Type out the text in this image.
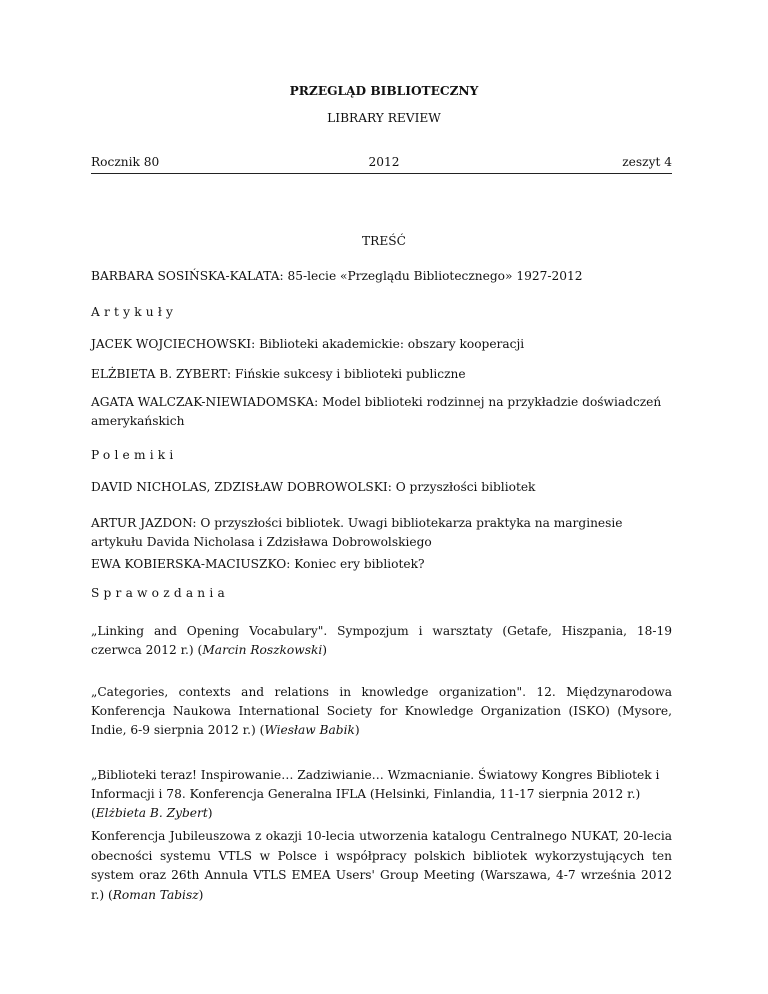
PRZEGLĄD BIBLIOTECZNY

LIBRARY REVIEW

Rocznik 80	2012	zeszyt 4

TREŚĆ

BARBARA SOSIŃSKA-KALATA: 85-lecie «Przeglądu Bibliotecznego» 1927-2012

Artykuły

JACEK WOJCIECHOWSKI: Biblioteki akademickie: obszary kooperacji

ELŻBIETA B. ZYBERT: Fińskie sukcesy i biblioteki publiczne

AGATA WALCZAK-NIEWIADOMSKA: Model biblioteki rodzinnej na przykładzie doświadczeń
amerykańskich

Polemiki

DAVID NICHOLAS, ZDZISŁAW DOBROWOLSKI: O przyszłości bibliotek

ARTUR JAZDON: O przyszłości bibliotek. Uwagi bibliotekarza praktyka na marginesie
artykułu Davida Nicholasa i Zdzisława Dobrowolskiego

EWA KOBIERSKA-MACIUSZKO: Koniec ery bibliotek?

Sprawozdania

„Linking and Opening Vocabulary". Sympozjum i warsztaty (Getafe, Hiszpania, 18-19 czerwca 2012 r.) (Marcin Roszkowski)

„Categories, contexts and relations in knowledge organization". 12. Międzynarodowa Konferencja Naukowa International Society for Knowledge Organization (ISKO) (Mysore, Indie, 6-9 sierpnia 2012 r.) (Wiesław Babik)

„Biblioteki teraz! Inspirowanie… Zadziwianie… Wzmacnianie. Światowy Kongres Bibliotek i Informacji i 78. Konferencja Generalna IFLA (Helsinki, Finlandia, 11-17 sierpnia 2012 r.) (Elżbieta B. Zybert)

Konferencja Jubileuszowa z okazji 10-lecia utworzenia katalogu Centralnego NUKAT, 20-lecia obecności systemu VTLS w Polsce i współpracy polskich bibliotek wykorzystujących ten system oraz 26th Annula VTLS EMEA Users' Group Meeting (Warszawa, 4-7 września 2012 r.) (Roman Tabisz)
